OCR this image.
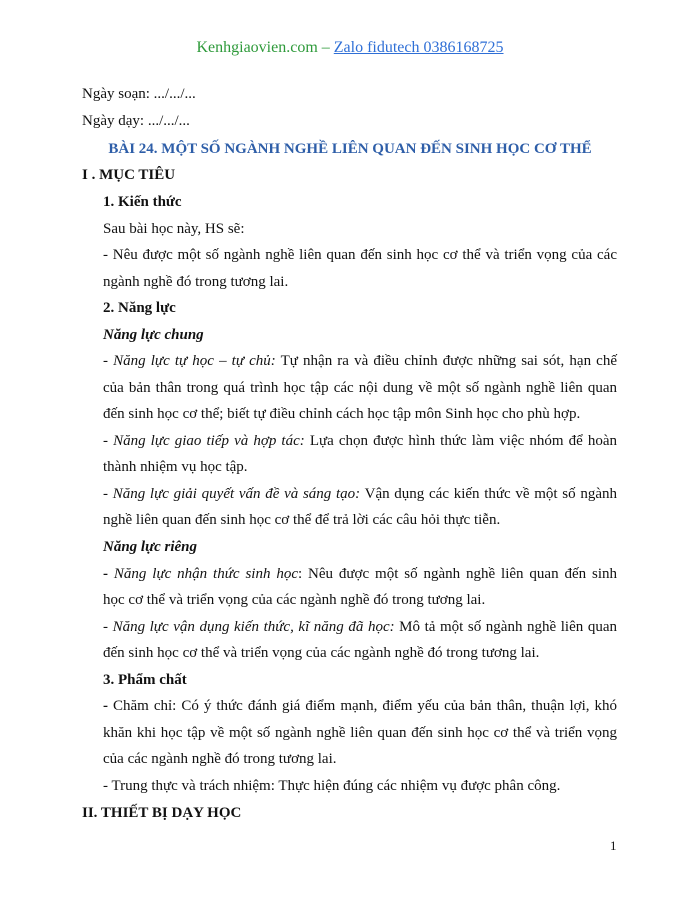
Kenhgiaovien.com – Zalo fidutech 0386168725
Ngày soạn: .../.../...
Ngày dạy: .../.../...
BÀI 24. MỘT SỐ NGÀNH NGHỀ LIÊN QUAN ĐẾN SINH HỌC CƠ THỂ
I . MỤC TIÊU
1. Kiến thức
Sau bài học này, HS sẽ:
- Nêu được một số ngành nghề liên quan đến sinh học cơ thể và triển vọng của các
ngành nghề đó trong tương lai.
2. Năng lực
Năng lực chung
- Năng lực tự học – tự chủ: Tự nhận ra và điều chỉnh được những sai sót, hạn chế
của bản thân trong quá trình học tập các nội dung về một số ngành nghề liên quan
đến sinh học cơ thể; biết tự điều chỉnh cách học tập môn Sinh học cho phù hợp.
- Năng lực giao tiếp và hợp tác: Lựa chọn được hình thức làm việc nhóm để hoàn
thành nhiệm vụ học tập.
- Năng lực giải quyết vấn đề và sáng tạo: Vận dụng các kiến thức về một số ngành
nghề liên quan đến sinh học cơ thể để trả lời các câu hỏi thực tiễn.
Năng lực riêng
- Năng lực nhận thức sinh học: Nêu được một số ngành nghề liên quan đến sinh
học cơ thể và triển vọng của các ngành nghề đó trong tương lai.
- Năng lực vận dụng kiến thức, kĩ năng đã học: Mô tả một số ngành nghề liên quan
đến sinh học cơ thể và triển vọng của các ngành nghề đó trong tương lai.
3. Phẩm chất
- Chăm chỉ: Có ý thức đánh giá điểm mạnh, điểm yếu của bản thân, thuận lợi, khó
khăn khi học tập về một số ngành nghề liên quan đến sinh học cơ thể và triển vọng
của các ngành nghề đó trong tương lai.
- Trung thực và trách nhiệm: Thực hiện đúng các nhiệm vụ được phân công.
II. THIẾT BỊ DẠY HỌC
1
